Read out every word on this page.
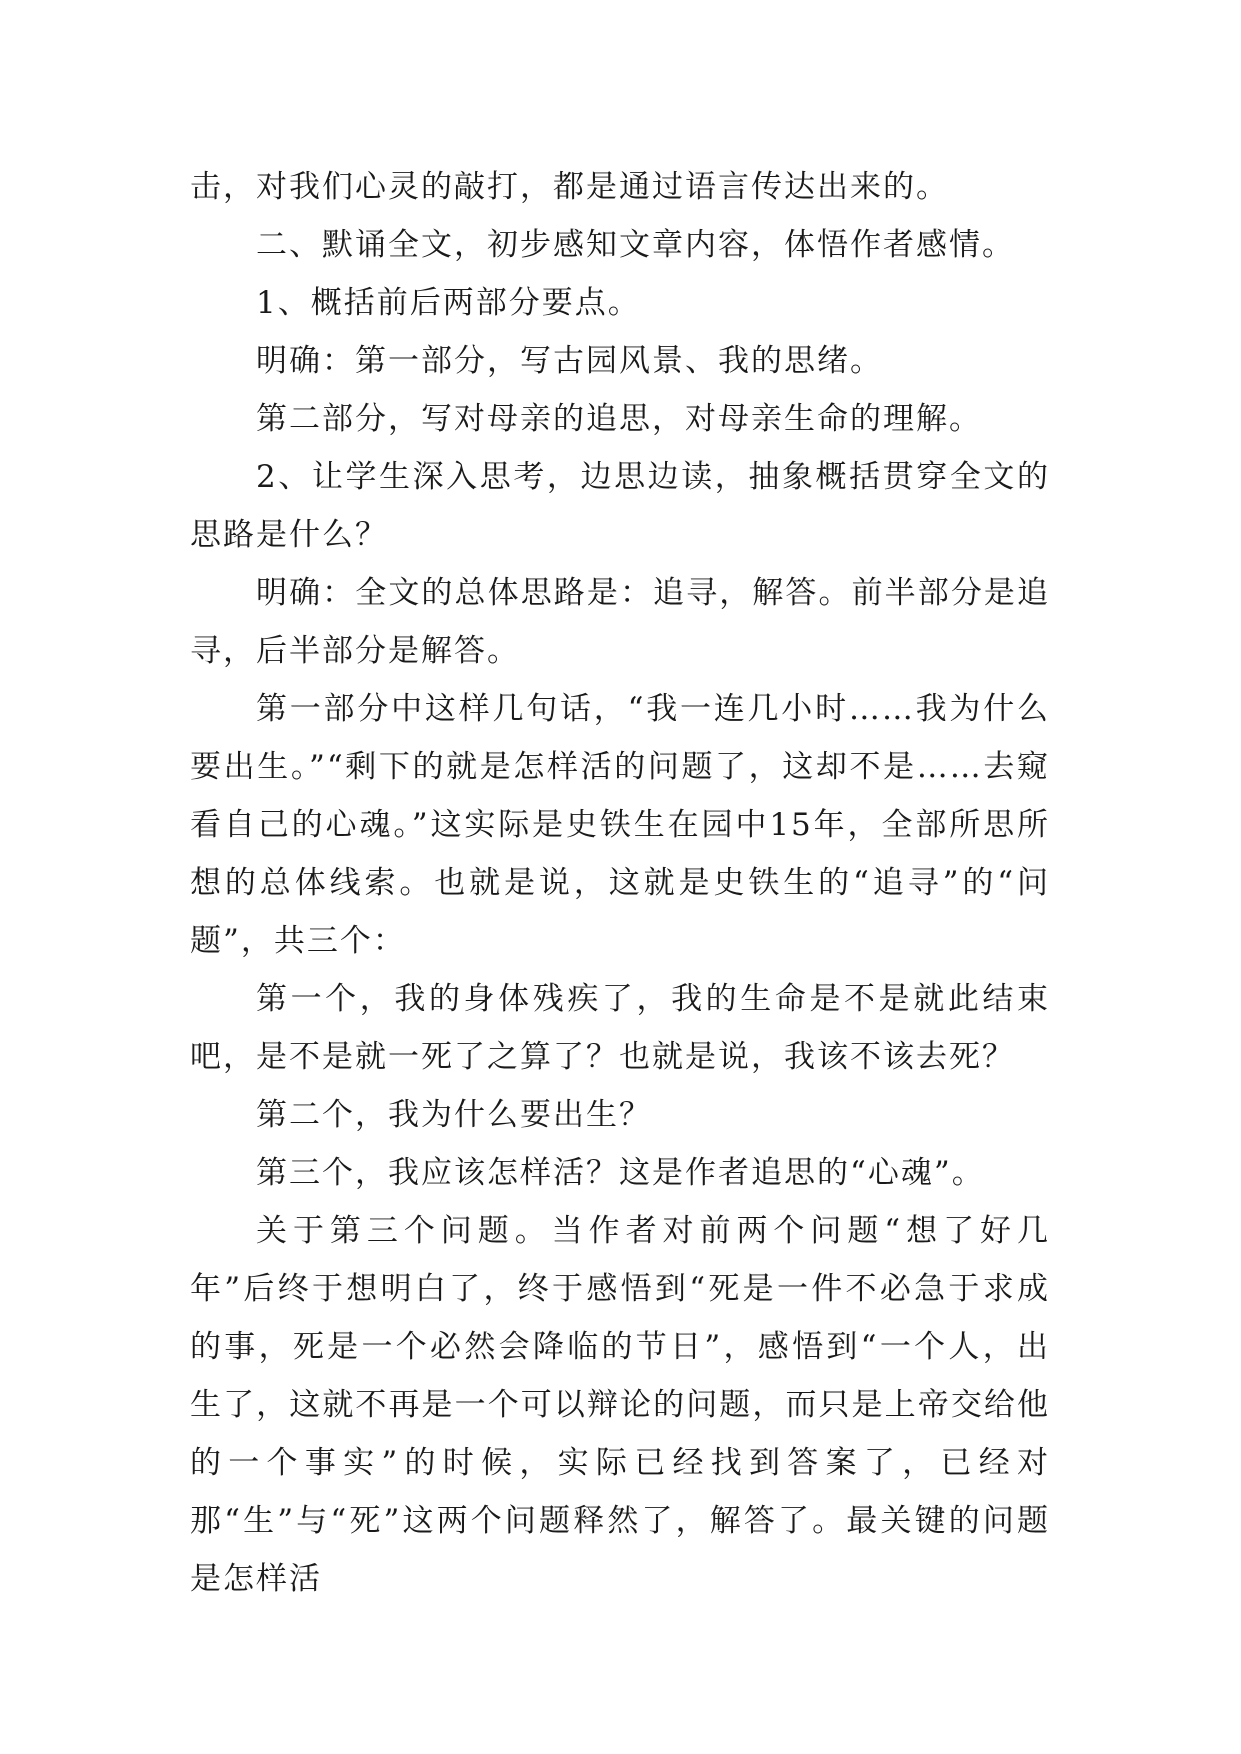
击，对我们心灵的敲打，都是通过语言传达出来的。

二、默诵全文，初步感知文章内容，体悟作者感情。

1、概括前后两部分要点。

明确：第一部分，写古园风景、我的思绪。

第二部分，写对母亲的追思，对母亲生命的理解。

2、让学生深入思考，边思边读，抽象概括贯穿全文的思路是什么？

明确：全文的总体思路是：追寻，解答。前半部分是追寻，后半部分是解答。

第一部分中这样几句话，“我一连几小时……我为什么要出生。”“剩下的就是怎样活的问题了，这却不是……去窥看自己的心魂。”这实际是史铁生在园中15年，全部所思所想的总体线索。也就是说，这就是史铁生的“追寻”的“问题”，共三个：

第一个，我的身体残疾了，我的生命是不是就此结束吧，是不是就一死了之算了？也就是说，我该不该去死？

第二个，我为什么要出生？

第三个，我应该怎样活？这是作者追思的“心魂”。

关于第三个问题。当作者对前两个问题“想了好几年”后终于想明白了，终于感悟到“死是一件不必急于求成的事，死是一个必然会降临的节日”，感悟到“一个人，出生了，这就不再是一个可以辩论的问题，而只是上帝交给他的一个事实”的时候，实际已经找到答案了，已经对那“生”与“死”这两个问题释然了，解答了。最关键的问题是怎样活
